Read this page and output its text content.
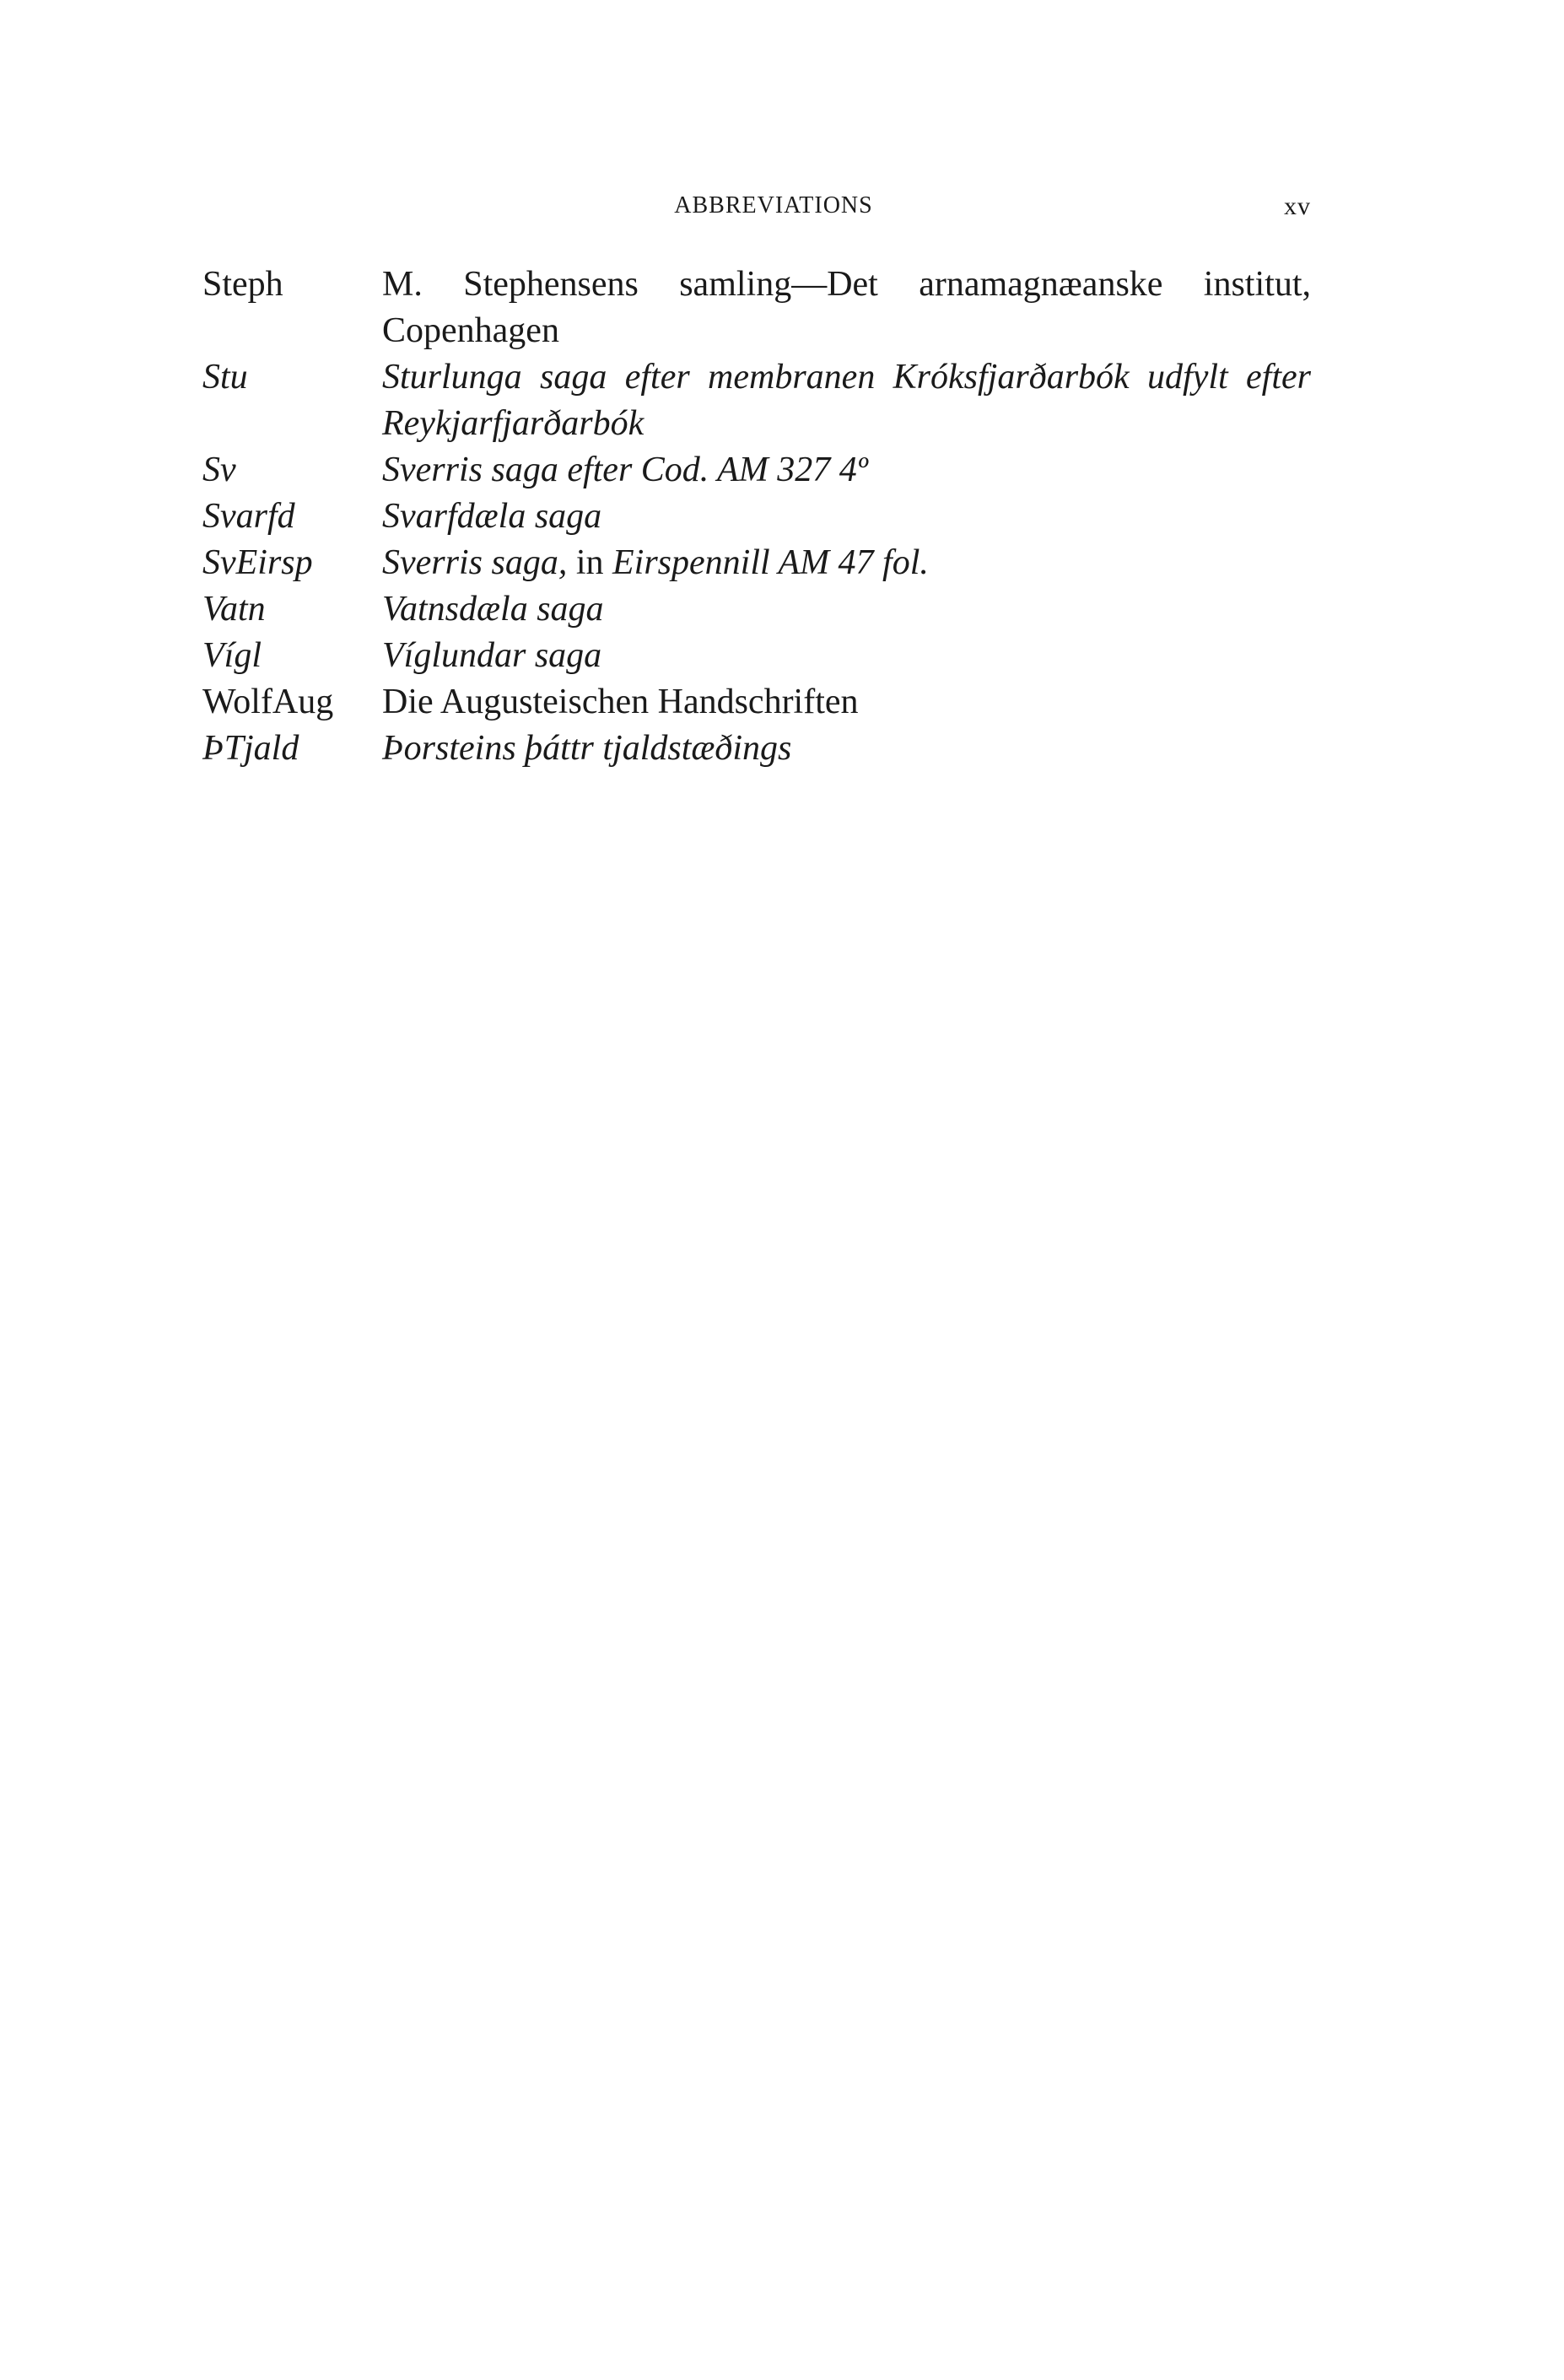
ABBREVIATIONS	xv
Steph	M. Stephensens samling—Det arnamagnæanske institut, Copenhagen
Stu	Sturlunga saga efter membranen Króksfjarðarbók udfylt efter Reykjarfjarðarbók
Sv	Sverris saga efter Cod. AM 327 4º
Svarfd	Svarfdæla saga
SvEirsp	Sverris saga, in Eirspennill AM 47 fol.
Vatn	Vatnsdæla saga
Vígl	Víglundar saga
WolfAug	Die Augusteischen Handschriften
ÞTjald	Þorsteins þáttr tjaldstæðings
